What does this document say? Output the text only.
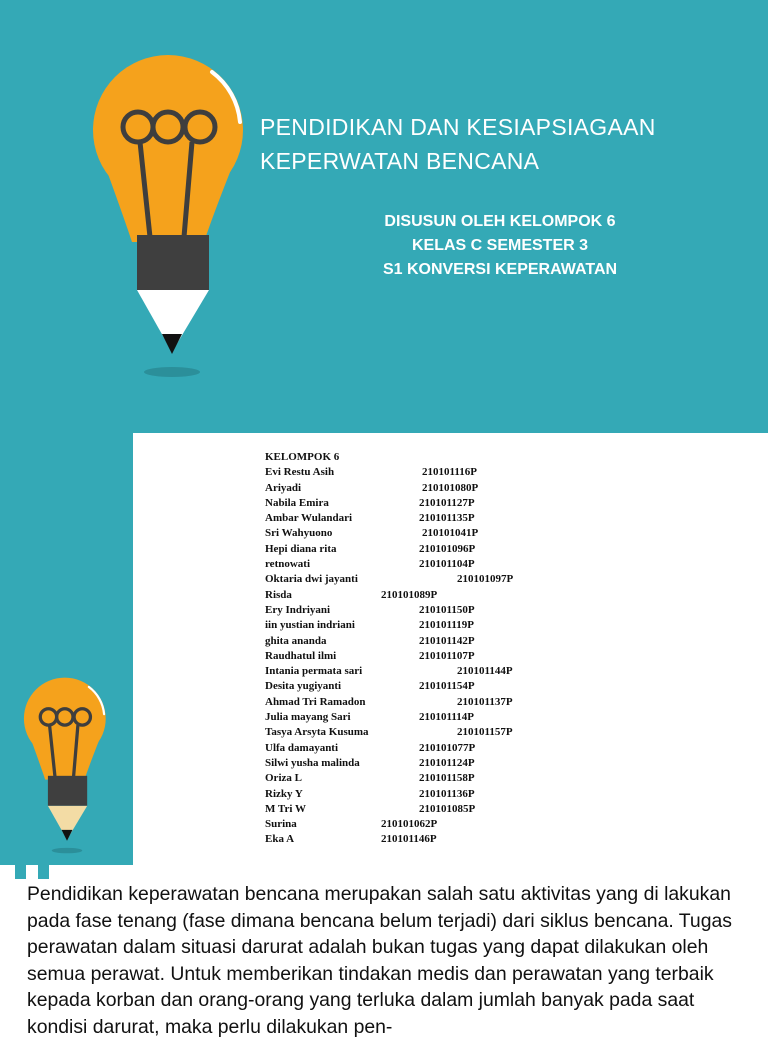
PENDIDIKAN DAN KESIAPSIAGAAN
KEPERWATAN BENCANA
DISUSUN OLEH KELOMPOK 6
KELAS C SEMESTER 3
S1 KONVERSI KEPERAWATAN
KELOMPOK 6
Evi Restu Asih	210101116P
Ariyadi	210101080P
Nabila Emira	210101127P
Ambar Wulandari	210101135P
Sri Wahyuono	210101041P
Hepi diana rita	210101096P
retnowati	210101104P
Oktaria dwi jayanti	210101097P
Risda	210101089P
Ery Indriyani	210101150P
iin yustian indriani	210101119P
ghita ananda	210101142P
Raudhatul ilmi	210101107P
Intania permata sari	210101144P
Desita yugiyanti	210101154P
Ahmad Tri Ramadon	210101137P
Julia mayang Sari	210101114P
Tasya Arsyta Kusuma	210101157P
Ulfa damayanti	210101077P
Silwi yusha malinda	210101124P
Oriza L	210101158P
Rizky Y	210101136P
M Tri W	210101085P
Surina	210101062P
Eka A	210101146P

Pendidikan keperawatan bencana merupakan salah satu aktivitas yang di lakukan pada fase tenang (fase dimana bencana belum terjadi) dari siklus bencana. Tugas perawatan dalam situasi darurat adalah bukan tugas yang dapat dilakukan oleh semua perawat. Untuk memberikan tindakan medis dan perawatan yang terbaik kepada korban dan orang-orang yang terluka dalam jumlah banyak pada saat kondisi darurat, maka perlu dilakukan pen-
